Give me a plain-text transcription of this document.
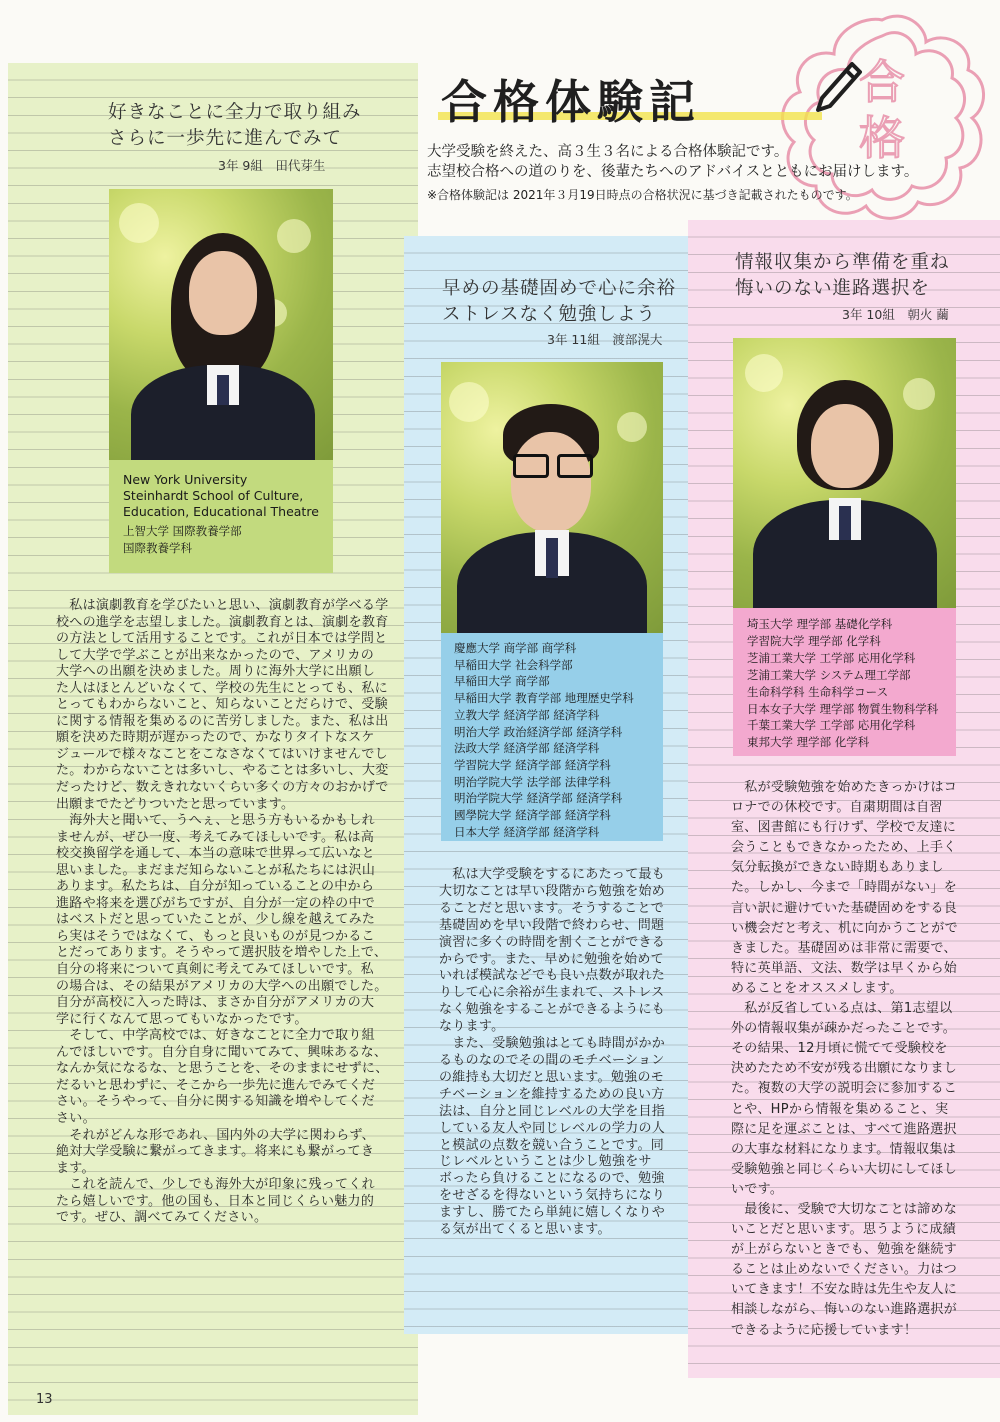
合
格
合格体験記
大学受験を終えた、高３生３名による合格体験記です。
志望校合格への道のりを、後輩たちへのアドバイスとともにお届けします。
※合格体験記は 2021年３月19日時点の合格状況に基づき記載されたものです。
好きなことに全力で取り組み
さらに一歩先に進んでみて
3年 9組　田代芽生
New York University
Steinhardt School of Culture,
Education, Educational Theatre
上智大学 国際教養学部
国際教養学科
　私は演劇教育を学びたいと思い、演劇教育が学べる学
校への進学を志望しました。演劇教育とは、演劇を教育
の方法として活用することです。これが日本では学問と
して大学で学ぶことが出来なかったので、アメリカの
大学への出願を決めました。周りに海外大学に出願し
た人はほとんどいなくて、学校の先生にとっても、私に
とってもわからないこと、知らないことだらけで、受験
に関する情報を集めるのに苦労しました。また、私は出
願を決めた時期が遅かったので、かなりタイトなスケ
ジュールで様々なことをこなさなくてはいけませんでし
た。わからないことは多いし、やることは多いし、大変
だったけど、数えきれないくらい多くの方々のおかげで
出願までたどりついたと思っています。
　海外大と聞いて、うへぇ、と思う方もいるかもしれ
ませんが、ぜひ一度、考えてみてほしいです。私は高
校交換留学を通して、本当の意味で世界って広いなと
思いました。まだまだ知らないことが私たちには沢山
あります。私たちは、自分が知っていることの中から
進路や将来を選びがちですが、自分が一定の枠の中で
はベストだと思っていたことが、少し線を越えてみた
ら実はそうではなくて、もっと良いものが見つかるこ
とだってあります。そうやって選択肢を増やした上で、
自分の将来について真剣に考えてみてほしいです。私
の場合は、その結果がアメリカの大学への出願でした。
自分が高校に入った時は、まさか自分がアメリカの大
学に行くなんて思ってもいなかったです。
　そして、中学高校では、好きなことに全力で取り組
んでほしいです。自分自身に聞いてみて、興味あるな、
なんか気になるな、と思うことを、そのままにせずに、
だるいと思わずに、そこから一歩先に進んでみてくだ
さい。そうやって、自分に関する知識を増やしてくだ
さい。
　それがどんな形であれ、国内外の大学に関わらず、
絶対大学受験に繋がってきます。将来にも繋がってき
ます。
　これを読んで、少しでも海外大が印象に残ってくれ
たら嬉しいです。他の国も、日本と同じくらい魅力的
です。ぜひ、調べてみてください。
早めの基礎固めで心に余裕
ストレスなく勉強しよう
3年 11組　渡部滉大
慶應大学 商学部 商学科
早稲田大学 社会科学部
早稲田大学 商学部
早稲田大学 教育学部 地理歴史学科
立教大学 経済学部 経済学科
明治大学 政治経済学部 経済学科
法政大学 経済学部 経済学科
学習院大学 経済学部 経済学科
明治学院大学 法学部 法律学科
明治学院大学 経済学部 経済学科
國學院大学 経済学部 経済学科
日本大学 経済学部 経済学科
　私は大学受験をするにあたって最も
大切なことは早い段階から勉強を始め
ることだと思います。そうすることで
基礎固めを早い段階で終わらせ、問題
演習に多くの時間を割くことができる
からです。また、早めに勉強を始めて
いれば模試などでも良い点数が取れた
りして心に余裕が生まれて、ストレス
なく勉強をすることができるようにも
なります。
　また、受験勉強はとても時間がかか
るものなのでその間のモチベーション
の維持も大切だと思います。勉強のモ
チベーションを維持するための良い方
法は、自分と同じレベルの大学を目指
している友人や同じレベルの学力の人
と模試の点数を競い合うことです。同
じレベルということは少し勉強をサ
ボったら負けることになるので、勉強
をせざるを得ないという気持ちになり
ますし、勝てたら単純に嬉しくなりや
る気が出てくると思います。
情報収集から準備を重ね
悔いのない進路選択を
3年 10組　朝火 繭
埼玉大学 理学部 基礎化学科
学習院大学 理学部 化学科
芝浦工業大学 工学部 応用化学科
芝浦工業大学 システム理工学部
生命科学科 生命科学コース
日本女子大学 理学部 物質生物科学科
千葉工業大学 工学部 応用化学科
東邦大学 理学部 化学科
　私が受験勉強を始めたきっかけはコ
ロナでの休校です。自粛期間は自習
室、図書館にも行けず、学校で友達に
会うこともできなかったため、上手く
気分転換ができない時期もありまし
た。しかし、今まで「時間がない」を
言い訳に避けていた基礎固めをする良
い機会だと考え、机に向かうことがで
きました。基礎固めは非常に需要で、
特に英単語、文法、数学は早くから始
めることをオススメします。
　私が反省している点は、第1志望以
外の情報収集が疎かだったことです。
その結果、12月頃に慌てて受験校を
決めたため不安が残る出願になりまし
た。複数の大学の説明会に参加するこ
とや、HPから情報を集めること、実
際に足を運ぶことは、すべて進路選択
の大事な材料になります。情報収集は
受験勉強と同じくらい大切にしてほし
いです。
　最後に、受験で大切なことは諦めな
いことだと思います。思うように成績
が上がらないときでも、勉強を継続す
ることは止めないでください。力はつ
いてきます！不安な時は先生や友人に
相談しながら、悔いのない進路選択が
できるように応援しています！
13
